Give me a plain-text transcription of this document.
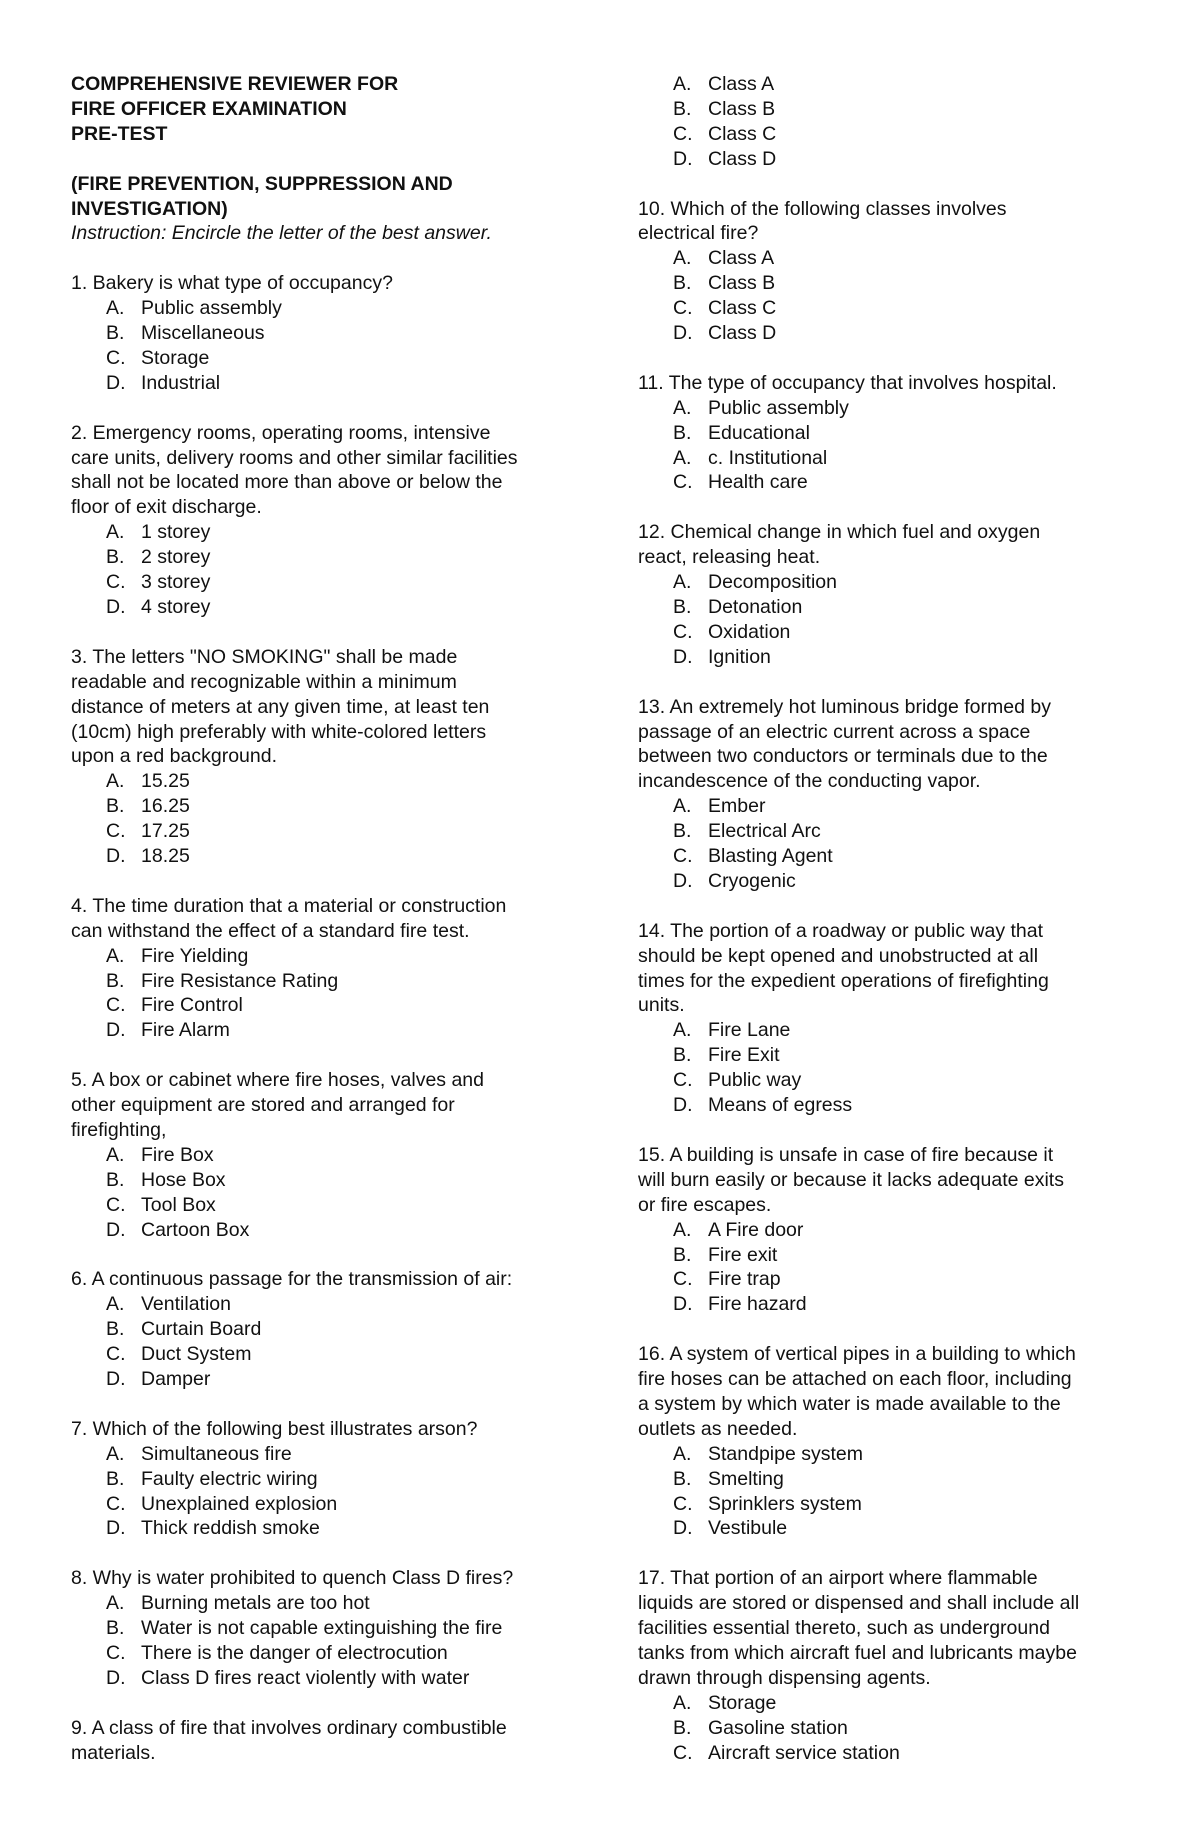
COMPREHENSIVE REVIEWER FOR
FIRE OFFICER EXAMINATION
PRE-TEST
(FIRE PREVENTION, SUPPRESSION AND
INVESTIGATION)
Instruction: Encircle the letter of the best answer.
1. Bakery is what type of occupancy?
A. Public assembly
B. Miscellaneous
C. Storage
D. Industrial
2. Emergency rooms, operating rooms, intensive
care units, delivery rooms and other similar facilities
shall not be located more than above or below the
floor of exit discharge.
A. 1 storey
B. 2 storey
C. 3 storey
D. 4 storey
3. The letters "NO SMOKING" shall be made
readable and recognizable within a minimum
distance of meters at any given time, at least ten
(10cm) high preferably with white-colored letters
upon a red background.
A. 15.25
B. 16.25
C. 17.25
D. 18.25
4. The time duration that a material or construction
can withstand the effect of a standard fire test.
A. Fire Yielding
B. Fire Resistance Rating
C. Fire Control
D. Fire Alarm
5. A box or cabinet where fire hoses, valves and
other equipment are stored and arranged for
firefighting,
A. Fire Box
B. Hose Box
C. Tool Box
D. Cartoon Box
6. A continuous passage for the transmission of air:
A. Ventilation
B. Curtain Board
C. Duct System
D. Damper
7. Which of the following best illustrates arson?
A. Simultaneous fire
B. Faulty electric wiring
C. Unexplained explosion
D. Thick reddish smoke
8. Why is water prohibited to quench Class D fires?
A. Burning metals are too hot
B. Water is not capable extinguishing the fire
C. There is the danger of electrocution
D. Class D fires react violently with water
9. A class of fire that involves ordinary combustible
materials.
A. Class A
B. Class B
C. Class C
D. Class D
10. Which of the following classes involves
electrical fire?
A. Class A
B. Class B
C. Class C
D. Class D
11. The type of occupancy that involves hospital.
A. Public assembly
B. Educational
A. c. Institutional
C. Health care
12. Chemical change in which fuel and oxygen
react, releasing heat.
A. Decomposition
B. Detonation
C. Oxidation
D. Ignition
13. An extremely hot luminous bridge formed by
passage of an electric current across a space
between two conductors or terminals due to the
incandescence of the conducting vapor.
A. Ember
B. Electrical Arc
C. Blasting Agent
D. Cryogenic
14. The portion of a roadway or public way that
should be kept opened and unobstructed at all
times for the expedient operations of firefighting
units.
A. Fire Lane
B. Fire Exit
C. Public way
D. Means of egress
15. A building is unsafe in case of fire because it
will burn easily or because it lacks adequate exits
or fire escapes.
A. A Fire door
B. Fire exit
C. Fire trap
D. Fire hazard
16. A system of vertical pipes in a building to which
fire hoses can be attached on each floor, including
a system by which water is made available to the
outlets as needed.
A. Standpipe system
B. Smelting
C. Sprinklers system
D. Vestibule
17. That portion of an airport where flammable
liquids are stored or dispensed and shall include all
facilities essential thereto, such as underground
tanks from which aircraft fuel and lubricants maybe
drawn through dispensing agents.
A. Storage
B. Gasoline station
C. Aircraft service station
